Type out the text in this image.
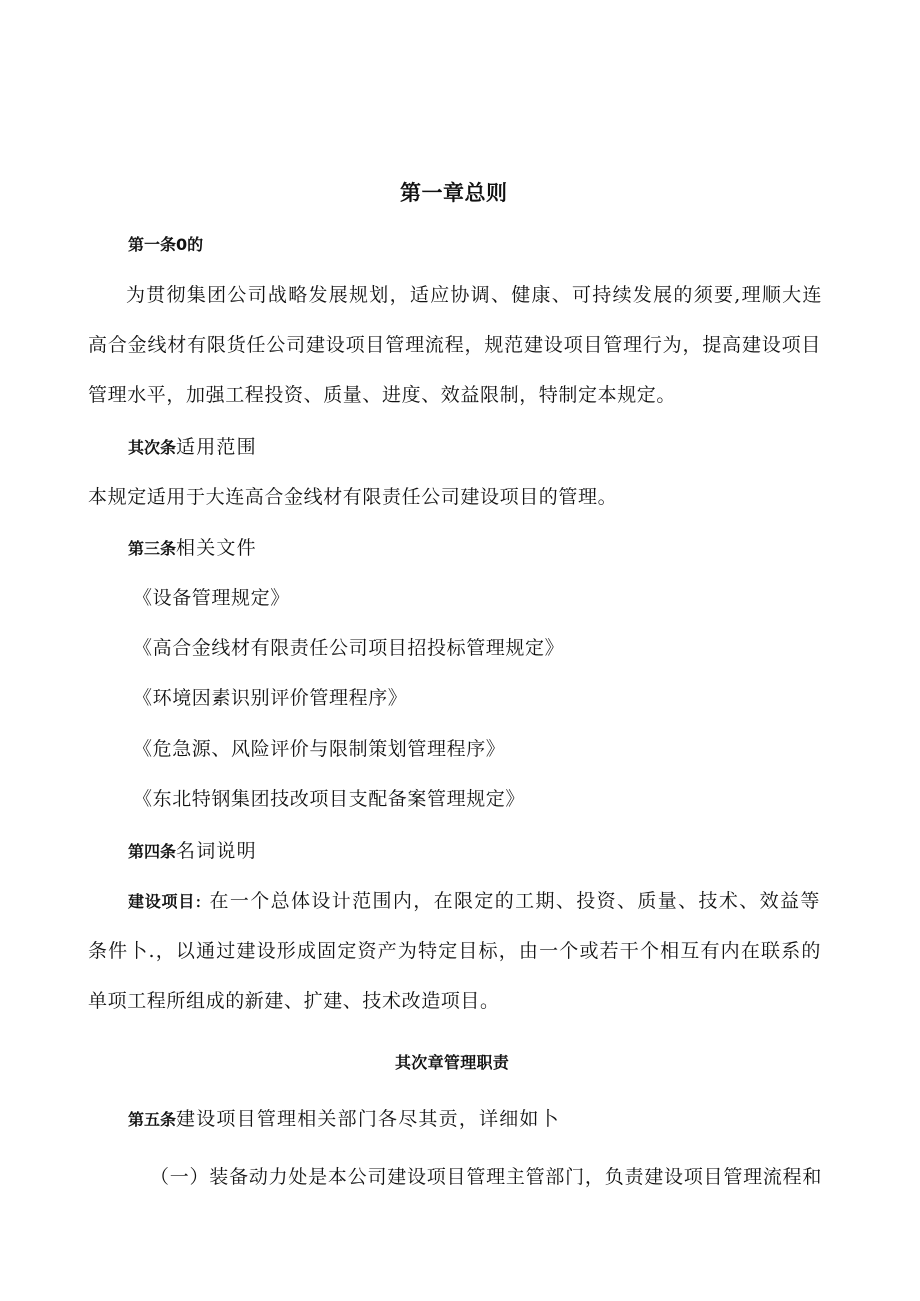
第一章总则
第一条0的
为贯彻集团公司战略发展规划，适应协调、健康、可持续发展的须要,理顺大连
高合金线材有限货任公司建设项目管理流程，规范建设项目管理行为，提高建设项目
管理水平，加强工程投资、质量、进度、效益限制，特制定本规定。
其次条适用范围
本规定适用于大连高合金线材有限责任公司建设项目的管理。
第三条相关文件
《设备管理规定》
《高合金线材有限责任公司项目招投标管理规定》
《环境因素识别评价管理程序》
《危急源、风险评价与限制策划管理程序》
《东北特钢集团技改项目支配备案管理规定》
第四条名词说明
建设项目: 在一个总体设计范围内，在限定的工期、投资、质量、技术、效益等
条件卜.，以通过建设形成固定资产为特定目标，由一个或若干个相互有内在联系的
单项工程所组成的新建、扩建、技术改造项目。
其次章管理职责
第五条建设项目管理相关部门各尽其贡，详细如卜
（一）装备动力处是本公司建设项目管理主管部门，负责建设项目管理流程和
